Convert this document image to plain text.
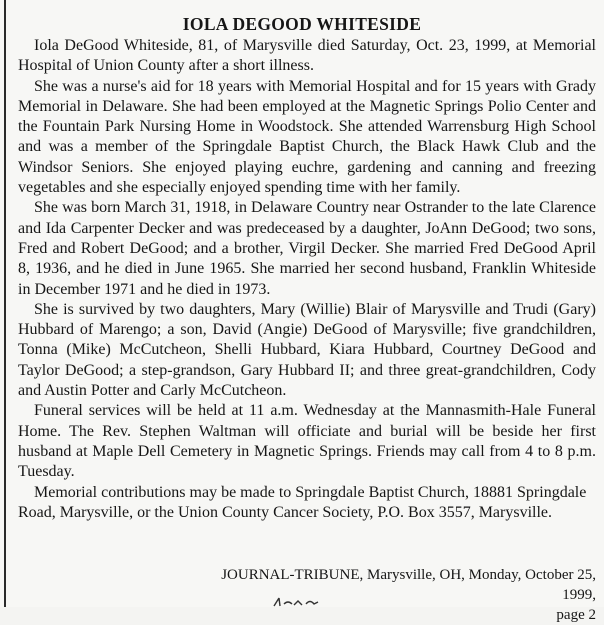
IOLA DEGOOD WHITESIDE

Iola DeGood Whiteside, 81, of Marysville died Saturday, Oct. 23, 1999, at Memorial Hospital of Union County after a short illness.

She was a nurse's aid for 18 years with Memorial Hospital and for 15 years with Grady Memorial in Delaware. She had been employed at the Magnetic Springs Polio Center and the Fountain Park Nursing Home in Woodstock. She attended Warrensburg High School and was a member of the Springdale Baptist Church, the Black Hawk Club and the Windsor Seniors. She enjoyed playing euchre, gardening and canning and freezing vegetables and she especially enjoyed spending time with her family.

She was born March 31, 1918, in Delaware Country near Ostrander to the late Clarence and Ida Carpenter Decker and was predeceased by a daughter, JoAnn DeGood; two sons, Fred and Robert DeGood; and a brother, Virgil Decker. She married Fred DeGood April 8, 1936, and he died in June 1965. She married her second husband, Franklin Whiteside in December 1971 and he died in 1973.

She is survived by two daughters, Mary (Willie) Blair of Marysville and Trudi (Gary) Hubbard of Marengo; a son, David (Angie) DeGood of Marysville; five grandchildren, Tonna (Mike) McCutcheon, Shelli Hubbard, Kiara Hubbard, Courtney DeGood and Taylor DeGood; a step-grandson, Gary Hubbard II; and three great-grandchildren, Cody and Austin Potter and Carly McCutcheon.

Funeral services will be held at 11 a.m. Wednesday at the Mannasmith-Hale Funeral Home. The Rev. Stephen Waltman will officiate and burial will be beside her first husband at Maple Dell Cemetery in Magnetic Springs. Friends may call from 4 to 8 p.m. Tuesday.

Memorial contributions may be made to Springdale Baptist Church, 18881 Springdale Road, Marysville, or the Union County Cancer Society, P.O. Box 3557, Marysville.

JOURNAL-TRIBUNE, Marysville, OH, Monday, October 25, 1999,
page 2
